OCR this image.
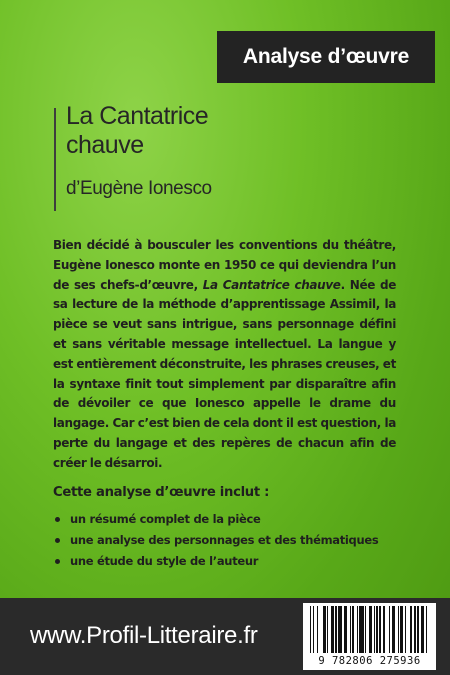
Analyse d’œuvre
La Cantatrice
chauve
d’Eugène Ionesco

Bien décidé à bousculer les conventions du théâtre, Eugène Ionesco monte en 1950 ce qui deviendra l’un de ses chefs-d’œuvre, La Cantatrice chauve. Née de sa lecture de la méthode d’apprentissage Assimil, la pièce se veut sans intrigue, sans personnage défini et sans véritable message intellectuel. La langue y est entièrement déconstruite, les phrases creuses, et la syntaxe finit tout simplement par disparaître afin de dévoiler ce que Ionesco appelle le drame du langage. Car c’est bien de cela dont il est question, la perte du langage et des repères de chacun afin de créer le désarroi.

Cette analyse d’œuvre inclut :
un résumé complet de la pièce
une analyse des personnages et des thématiques
une étude du style de l’auteur
www.Profil-Litteraire.fr
9 782806 275936
